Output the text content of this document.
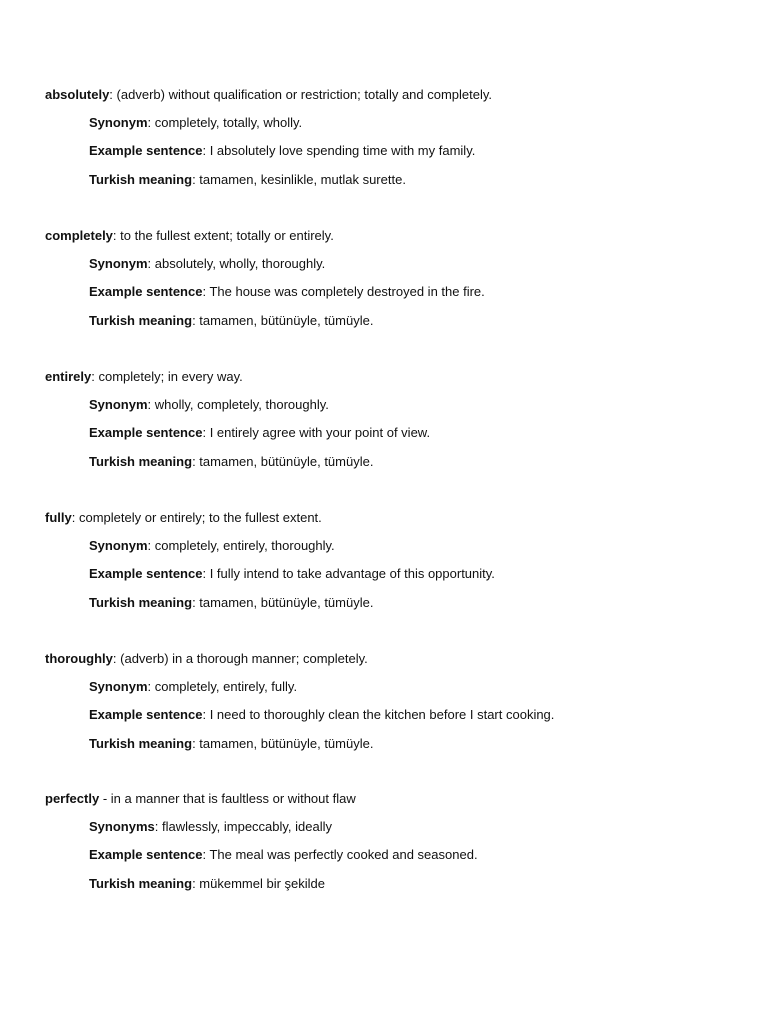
absolutely: (adverb) without qualification or restriction; totally and completely.
Synonym: completely, totally, wholly.
Example sentence: I absolutely love spending time with my family.
Turkish meaning: tamamen, kesinlikle, mutlak surette.
completely: to the fullest extent; totally or entirely.
Synonym: absolutely, wholly, thoroughly.
Example sentence: The house was completely destroyed in the fire.
Turkish meaning: tamamen, bütünüyle, tümüyle.
entirely: completely; in every way.
Synonym: wholly, completely, thoroughly.
Example sentence: I entirely agree with your point of view.
Turkish meaning: tamamen, bütünüyle, tümüyle.
fully: completely or entirely; to the fullest extent.
Synonym: completely, entirely, thoroughly.
Example sentence: I fully intend to take advantage of this opportunity.
Turkish meaning: tamamen, bütünüyle, tümüyle.
thoroughly: (adverb) in a thorough manner; completely.
Synonym: completely, entirely, fully.
Example sentence: I need to thoroughly clean the kitchen before I start cooking.
Turkish meaning: tamamen, bütünüyle, tümüyle.
perfectly - in a manner that is faultless or without flaw
Synonyms: flawlessly, impeccably, ideally
Example sentence: The meal was perfectly cooked and seasoned.
Turkish meaning: mükemmel bir şekilde
